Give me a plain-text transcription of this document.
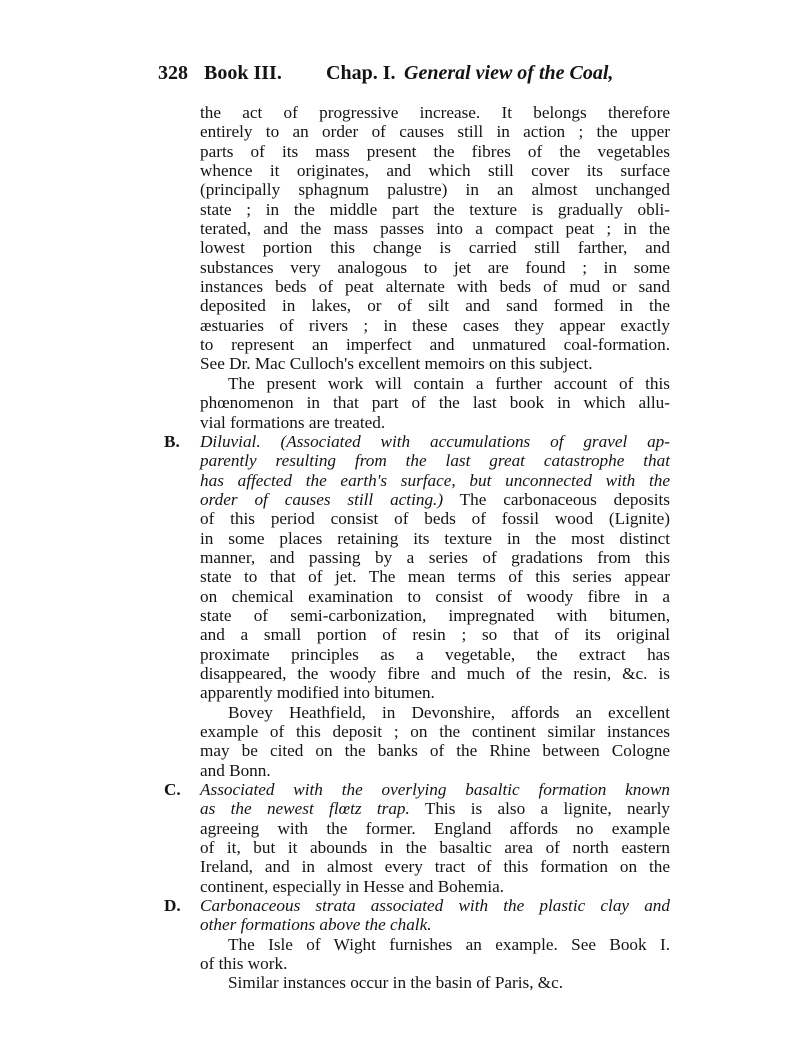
328 Book III. Chap. I. General view of the Coal,
the act of progressive increase. It belongs therefore
entirely to an order of causes still in action ; the upper
parts of its mass present the fibres of the vegetables
whence it originates, and which still cover its surface
(principally sphagnum palustre) in an almost unchanged
state ; in the middle part the texture is gradually obli-
terated, and the mass passes into a compact peat ; in the
lowest portion this change is carried still farther, and
substances very analogous to jet are found ; in some
instances beds of peat alternate with beds of mud or sand
deposited in lakes, or of silt and sand formed in the
æstuaries of rivers ; in these cases they appear exactly
to represent an imperfect and unmatured coal-formation.
See Dr. Mac Culloch's excellent memoirs on this subject.
The present work will contain a further account of this
phœnomenon in that part of the last book in which allu-
vial formations are treated.
B. Diluvial. (Associated with accumulations of gravel ap-
parently resulting from the last great catastrophe that
has affected the earth's surface, but unconnected with the
order of causes still acting.) The carbonaceous deposits
of this period consist of beds of fossil wood (Lignite)
in some places retaining its texture in the most distinct
manner, and passing by a series of gradations from this
state to that of jet. The mean terms of this series appear
on chemical examination to consist of woody fibre in a
state of semi-carbonization, impregnated with bitumen,
and a small portion of resin ; so that of its original
proximate principles as a vegetable, the extract has
disappeared, the woody fibre and much of the resin, &c. is
apparently modified into bitumen.
Bovey Heathfield, in Devonshire, affords an excellent
example of this deposit ; on the continent similar instances
may be cited on the banks of the Rhine between Cologne
and Bonn.
C. Associated with the overlying basaltic formation known
as the newest flœtz trap. This is also a lignite, nearly
agreeing with the former. England affords no example
of it, but it abounds in the basaltic area of north eastern
Ireland, and in almost every tract of this formation on the
continent, especially in Hesse and Bohemia.
D. Carbonaceous strata associated with the plastic clay and
other formations above the chalk.
The Isle of Wight furnishes an example. See Book I.
of this work.
Similar instances occur in the basin of Paris, &c.
